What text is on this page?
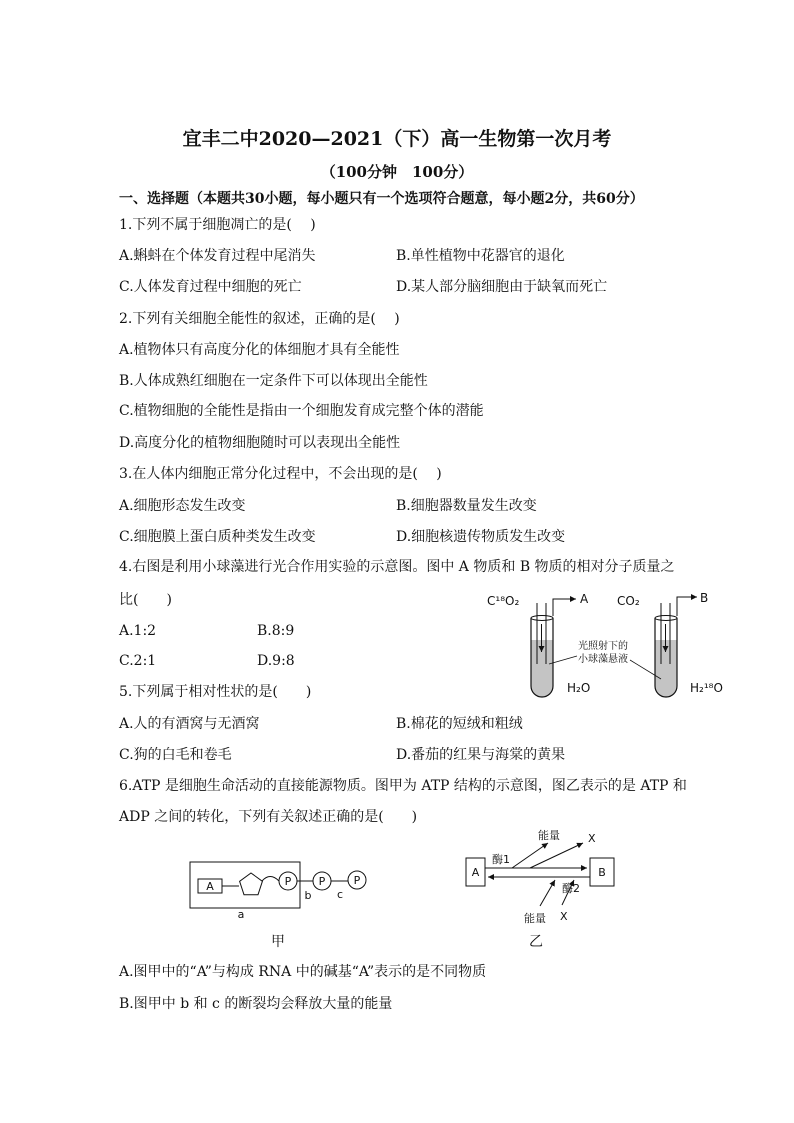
宜丰二中2020—2021（下）高一生物第一次月考
（100分钟　100分）
一、选择题（本题共30小题，每小题只有一个选项符合题意，每小题2分，共60分）
1.下列不属于细胞凋亡的是(　 )
A.蝌蚪在个体发育过程中尾消失	B.单性植物中花器官的退化
C.人体发育过程中细胞的死亡	D.某人部分脑细胞由于缺氧而死亡
2.下列有关细胞全能性的叙述，正确的是(　 )
A.植物体只有高度分化的体细胞才具有全能性
B.人体成熟红细胞在一定条件下可以体现出全能性
C.植物细胞的全能性是指由一个细胞发育成完整个体的潜能
D.高度分化的植物细胞随时可以表现出全能性
3.在人体内细胞正常分化过程中，不会出现的是(　 )
A.细胞形态发生改变	B.细胞器数量发生改变
C.细胞膜上蛋白质种类发生改变	D.细胞核遗传物质发生改变
4.右图是利用小球藻进行光合作用实验的示意图。图中 A 物质和 B 物质的相对分子质量之
比(　　)
A.1:2	B.8:9
C.2:1	D.9:8
C¹⁸O₂	A
H₂O
CO₂	B
H₂¹⁸O
光照射下的
小球藻悬液
5.下列属于相对性状的是(　　)
A.人的有酒窝与无酒窝	B.棉花的短绒和粗绒
C.狗的白毛和卷毛	D.番茄的红果与海棠的黄果
6.ATP 是细胞生命活动的直接能源物质。图甲为 ATP 结构的示意图，图乙表示的是 ATP 和
ADP 之间的转化，下列有关叙述正确的是(　　)
A	P P	P
a
b c
甲
A	B
酶1
酶2
能量	X
能量 X
乙
A.图甲中的“A”与构成 RNA 中的碱基“A”表示的是不同物质
B.图甲中 b 和 c 的断裂均会释放大量的能量
